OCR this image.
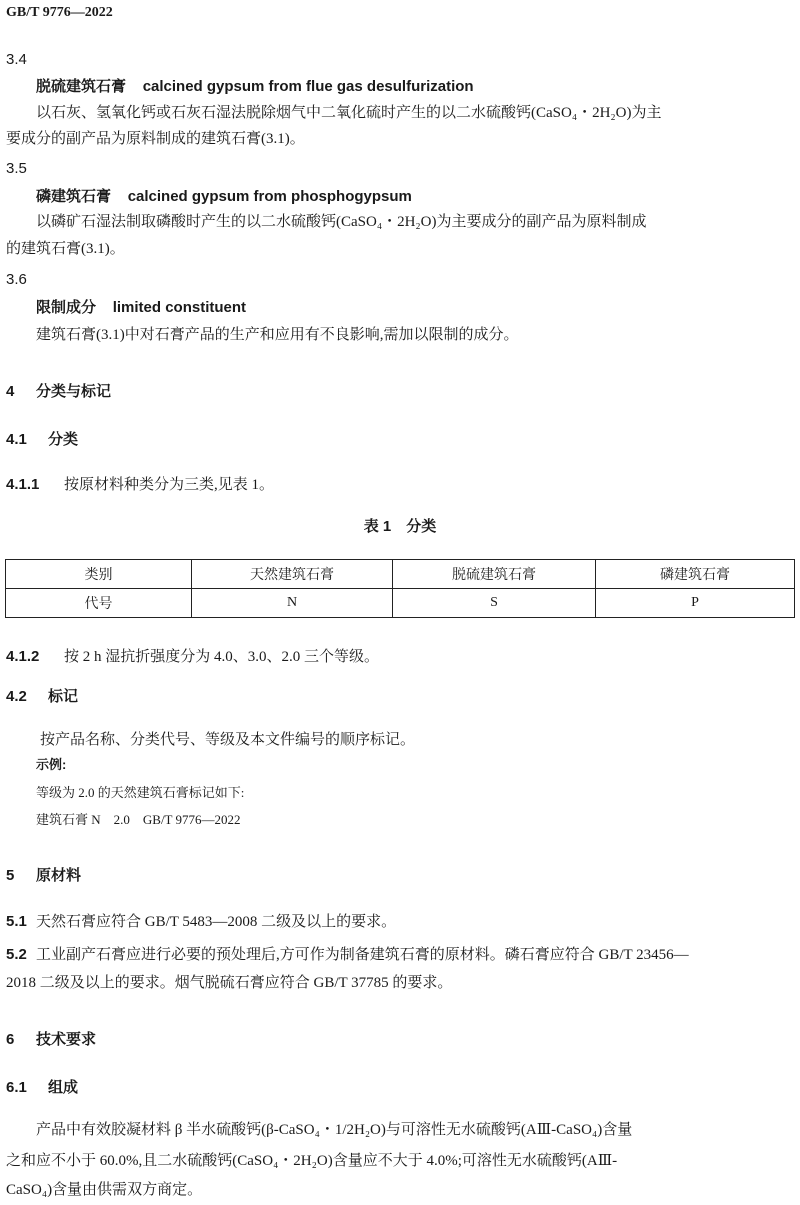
GB/T 9776—2022
3.4
脱硫建筑石膏 calcined gypsum from flue gas desulfurization
以石灰、氢氧化钙或石灰石湿法脱除烟气中二氧化硫时产生的以二水硫酸钙(CaSO₄・2H₂O)为主
要成分的副产品为原料制成的建筑石膏(3.1)。
3.5
磷建筑石膏 calcined gypsum from phosphogypsum
以磷矿石湿法制取磷酸时产生的以二水硫酸钙(CaSO₄・2H₂O)为主要成分的副产品为原料制成
的建筑石膏(3.1)。
3.6
限制成分 limited constituent
建筑石膏(3.1)中对石膏产品的生产和应用有不良影响,需加以限制的成分。
4 分类与标记
4.1 分类
4.1.1 按原材料种类分为三类,见表 1。
表 1　分类
类别	天然建筑石膏	脱硫建筑石膏	磷建筑石膏
代号	N	S	P
4.1.2 按 2 h 湿抗折强度分为 4.0、3.0、2.0 三个等级。
4.2 标记
按产品名称、分类代号、等级及本文件编号的顺序标记。
示例:
等级为 2.0 的天然建筑石膏标记如下:
建筑石膏 N　2.0　GB/T 9776—2022
5 原材料
5.1 天然石膏应符合 GB/T 5483—2008 二级及以上的要求。
5.2 工业副产石膏应进行必要的预处理后,方可作为制备建筑石膏的原材料。磷石膏应符合 GB/T 23456—
2018 二级及以上的要求。烟气脱硫石膏应符合 GB/T 37785 的要求。
6 技术要求
6.1 组成
产品中有效胶凝材料 β 半水硫酸钙(β-CaSO₄・1/2H₂O)与可溶性无水硫酸钙(AⅢ-CaSO₄)含量
之和应不小于 60.0%,且二水硫酸钙(CaSO₄・2H₂O)含量应不大于 4.0%;可溶性无水硫酸钙(AⅢ-
CaSO₄)含量由供需双方商定。
